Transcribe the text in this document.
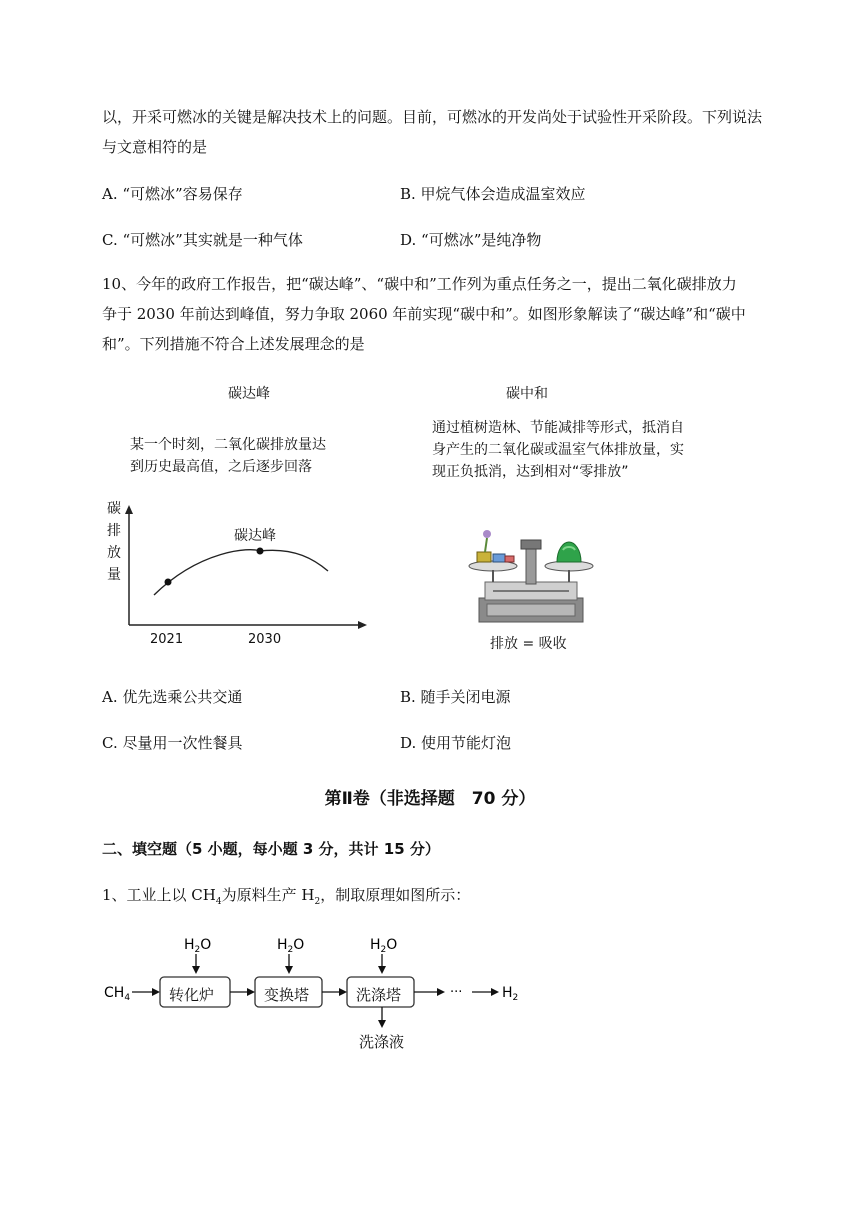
以，开采可燃冰的关键是解决技术上的问题。目前，可燃冰的开发尚处于试验性开采阶段。下列说法
与文意相符的是
A. “可燃冰”容易保存	B. 甲烷气体会造成温室效应
C. “可燃冰”其实就是一种气体	D. “可燃冰”是纯净物
10、今年的政府工作报告，把“碳达峰”、“碳中和”工作列为重点任务之一，提出二氧化碳排放力
争于 2030 年前达到峰值，努力争取 2060 年前实现“碳中和”。如图形象解读了“碳达峰”和“碳中
和”。下列措施不符合上述发展理念的是
碳达峰
某一个时刻，二氧化碳排放量达
到历史最高值，之后逐步回落
碳
排
放
量
碳达峰
2021	2030
碳中和
通过植树造林、节能减排等形式，抵消自
身产生的二氧化碳或温室气体排放量，实
现正负抵消，达到相对“零排放”
排放 = 吸收
A. 优先选乘公共交通	B. 随手关闭电源
C. 尽量用一次性餐具	D. 使用节能灯泡
第Ⅱ卷（非选择题　70 分）
二、填空题（5 小题，每小题 3 分，共计 15 分）
1、工业上以 $CH_4$为原料生产 $H_2$，制取原理如图所示：
$H_2O$	$H_2O$	$H_2O$
$CH_4$	···	$H_2$
转化炉	变换塔	洗涤塔
洗涤液
